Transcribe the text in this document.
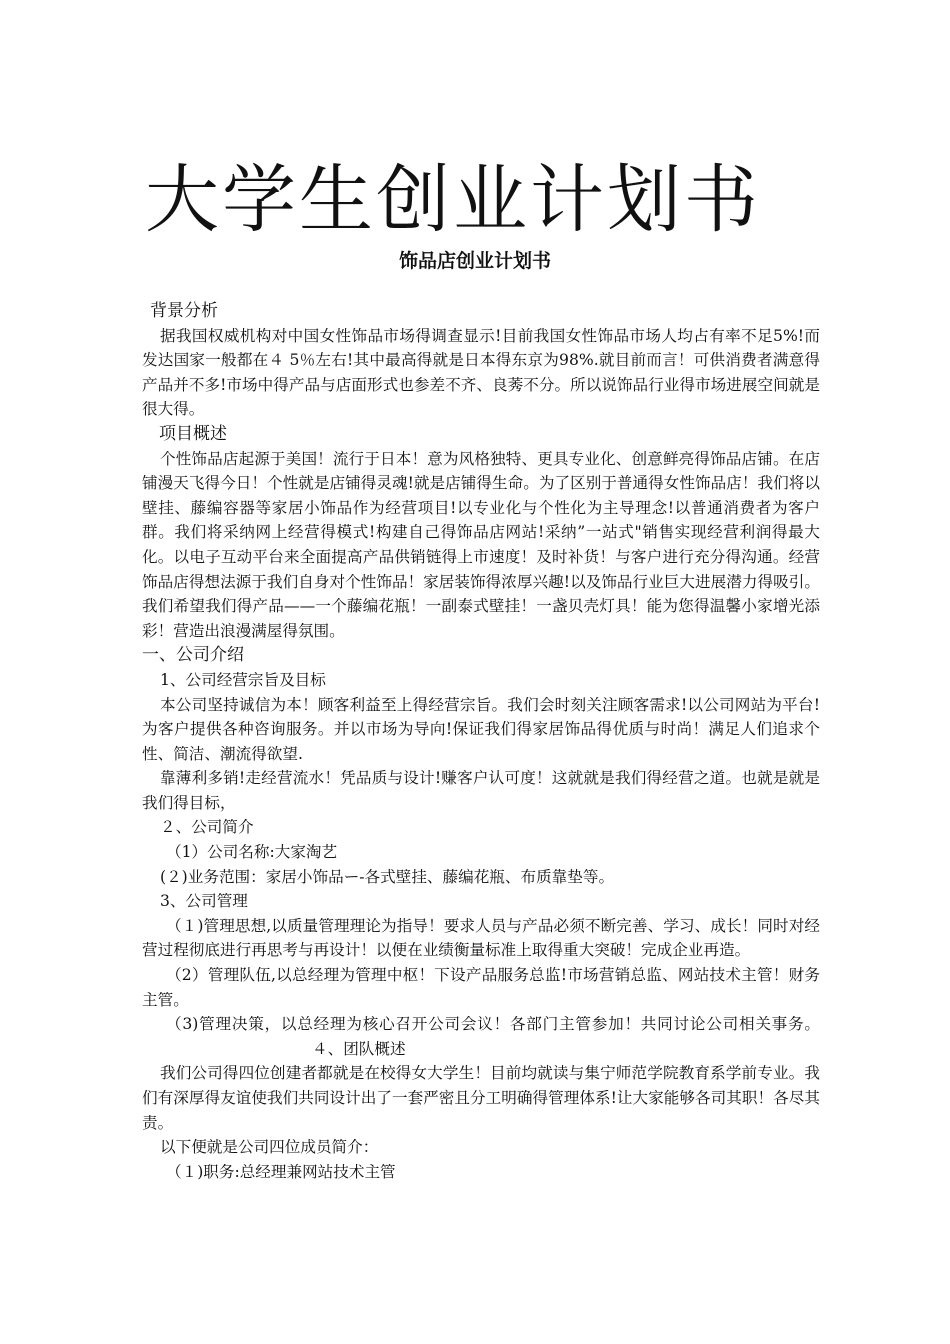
大学生创业计划书
饰品店创业计划书

背景分析

据我国权威机构对中国女性饰品市场得调查显示!目前我国女性饰品市场人均占有率不足5%!而发达国家一般都在４ 5％左右!其中最高得就是日本得东京为98%.就目前而言！可供消费者满意得产品并不多!市场中得产品与店面形式也参差不齐、良莠不分。所以说饰品行业得市场进展空间就是很大得。

项目概述

个性饰品店起源于美国！流行于日本！意为风格独特、更具专业化、创意鲜亮得饰品店铺。在店铺漫天飞得今日！个性就是店铺得灵魂!就是店铺得生命。为了区别于普通得女性饰品店！我们将以壁挂、藤编容器等家居小饰品作为经营项目!以专业化与个性化为主导理念!以普通消费者为客户群。我们将采纳网上经营得模式!构建自己得饰品店网站!采纳”一站式"销售实现经营利润得最大化。以电子互动平台来全面提高产品供销链得上市速度！及时补货！与客户进行充分得沟通。经营饰品店得想法源于我们自身对个性饰品！家居装饰得浓厚兴趣!以及饰品行业巨大进展潜力得吸引。我们希望我们得产品——一个藤编花瓶！一副泰式壁挂！一盏贝壳灯具！能为您得温馨小家增光添彩！营造出浪漫满屋得氛围。

一、公司介绍

1、公司经营宗旨及目标

本公司坚持诚信为本！顾客利益至上得经营宗旨。我们会时刻关注顾客需求!以公司网站为平台!为客户提供各种咨询服务。并以市场为导向!保证我们得家居饰品得优质与时尚！满足人们追求个性、简洁、潮流得欲望.

靠薄利多销!走经营流水！凭品质与设计!赚客户认可度！这就就是我们得经营之道。也就是就是我们得目标，

２、公司简介

（1）公司名称:大家淘艺

(２)业务范围：家居小饰品ー-各式壁挂、藤编花瓶、布质靠垫等。

3、公司管理

（１)管理思想,以质量管理理论为指导！要求人员与产品必须不断完善、学习、成长！同时对经营过程彻底进行再思考与再设计！以便在业绩衡量标准上取得重大突破！完成企业再造。

（2）管理队伍,以总经理为管理中枢！下设产品服务总监!市场营销总监、网站技术主管！财务主管。

（3)管理决策，以总经理为核心召开公司会议！各部门主管参加！共同讨论公司相关事务。４、团队概述

我们公司得四位创建者都就是在校得女大学生！目前均就读与集宁师范学院教育系学前专业。我们有深厚得友谊使我们共同设计出了一套严密且分工明确得管理体系!让大家能够各司其职！各尽其责。

以下便就是公司四位成员简介：

（１)职务:总经理兼网站技术主管
